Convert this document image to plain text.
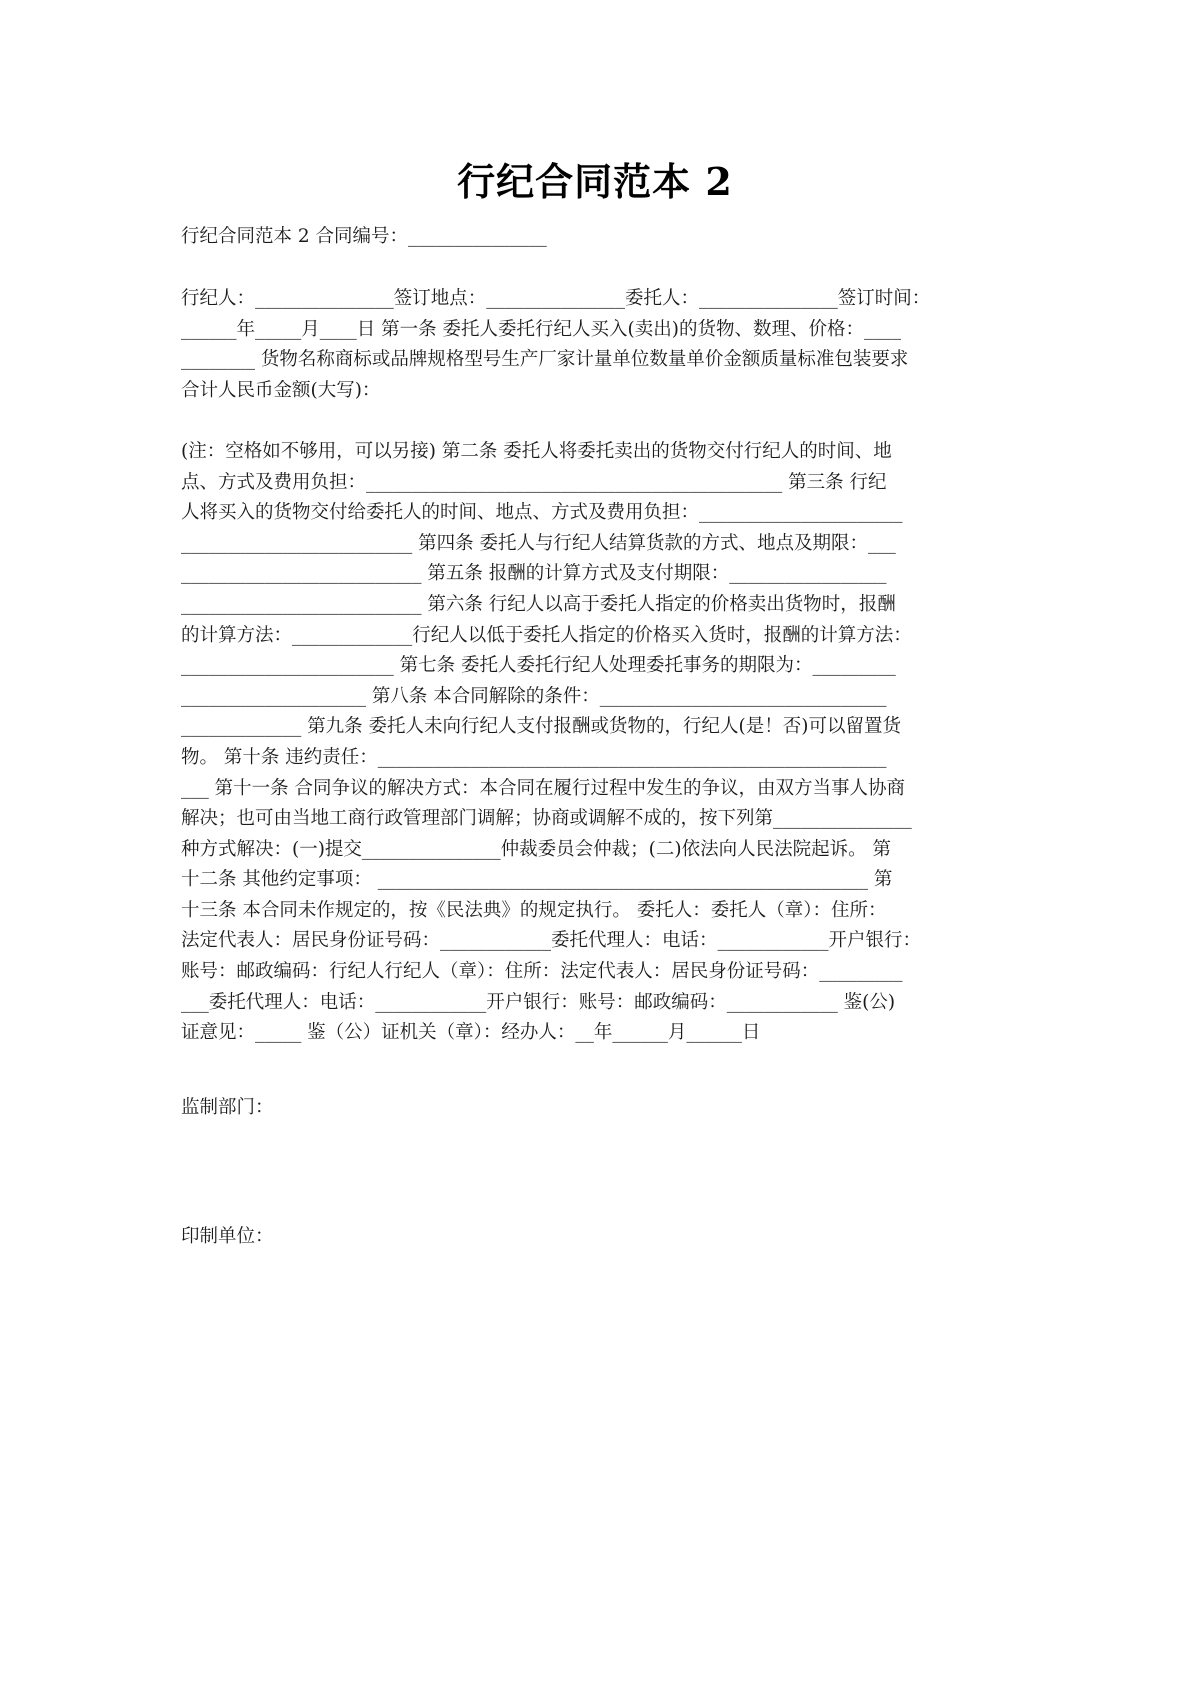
行纪合同范本 2
行纪合同范本 2 合同编号：_______________
行纪人：_______________签订地点：_______________委托人：_______________签订时间：
______年_____月____日 第一条 委托人委托行纪人买入(卖出)的货物、数理、价格：____
________ 货物名称商标或品牌规格型号生产厂家计量单位数量单价金额质量标准包装要求
合计人民币金额(大写)：
(注：空格如不够用，可以另接) 第二条 委托人将委托卖出的货物交付行纪人的时间、地
点、方式及费用负担：_____________________________________________ 第三条 行纪
人将买入的货物交付给委托人的时间、地点、方式及费用负担：______________________
_________________________ 第四条 委托人与行纪人结算货款的方式、地点及期限：___
__________________________ 第五条 报酬的计算方式及支付期限：_________________
__________________________ 第六条 行纪人以高于委托人指定的价格卖出货物时，报酬
的计算方法：_____________行纪人以低于委托人指定的价格买入货时，报酬的计算方法：
_______________________ 第七条 委托人委托行纪人处理委托事务的期限为：_________
____________________ 第八条 本合同解除的条件：_______________________________
_____________ 第九条 委托人未向行纪人支付报酬或货物的，行纪人(是！否)可以留置货
物。 第十条 违约责任：_______________________________________________________
___ 第十一条 合同争议的解决方式：本合同在履行过程中发生的争议，由双方当事人协商
解决；也可由当地工商行政管理部门调解；协商或调解不成的，按下列第_______________
种方式解决：(一)提交_______________仲裁委员会仲裁；(二)依法向人民法院起诉。 第
十二条 其他约定事项： _____________________________________________________ 第
十三条 本合同未作规定的，按《民法典》的规定执行。 委托人：委托人（章）：住所：
法定代表人：居民身份证号码：____________委托代理人：电话：____________开户银行：
账号：邮政编码：行纪人行纪人（章）：住所：法定代表人：居民身份证号码：_________
___委托代理人：电话：____________开户银行：账号：邮政编码：____________ 鉴(公)
证意见：_____ 鉴（公）证机关（章）：经办人：__年______月______日
监制部门：
印制单位：
